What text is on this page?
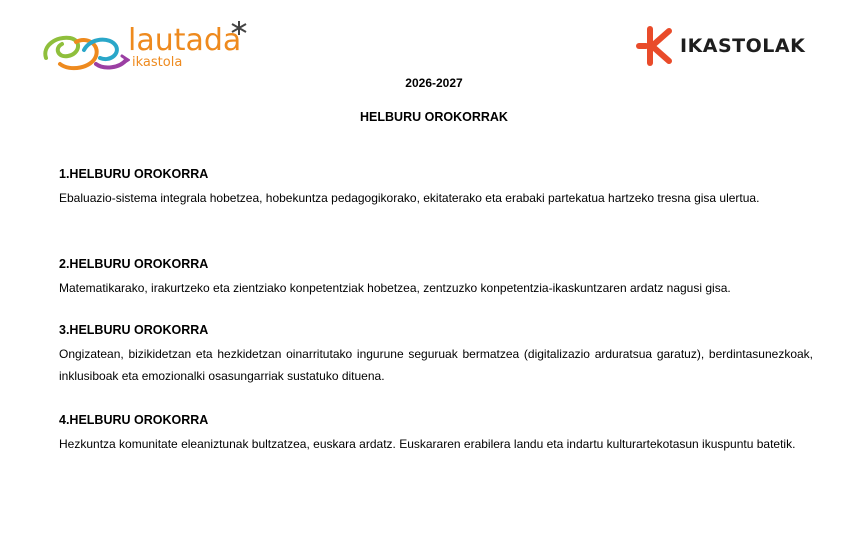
lautada
ikastola
IKASTOLAK
2026-2027
HELBURU OROKORRAK
1.HELBURU OROKORRA

Ebaluazio-sistema integrala hobetzea, hobekuntza pedagogikorako, ekitaterako eta erabaki partekatua hartzeko tresna gisa ulertua.

2.HELBURU OROKORRA

Matematikarako, irakurtzeko eta zientziako konpetentziak hobetzea, zentzuzko konpetentzia-ikaskuntzaren ardatz nagusi gisa.

3.HELBURU OROKORRA

Ongizatean, bizikidetzan eta hezkidetzan oinarritutako ingurune seguruak bermatzea (digitalizazio arduratsua garatuz), berdintasunezkoak, inklusiboak eta emozionalki osasungarriak sustatuko dituena.

4.HELBURU OROKORRA

Hezkuntza komunitate eleaniztunak bultzatzea, euskara ardatz. Euskararen erabilera landu eta indartu kulturartekotasun ikuspuntu batetik.
